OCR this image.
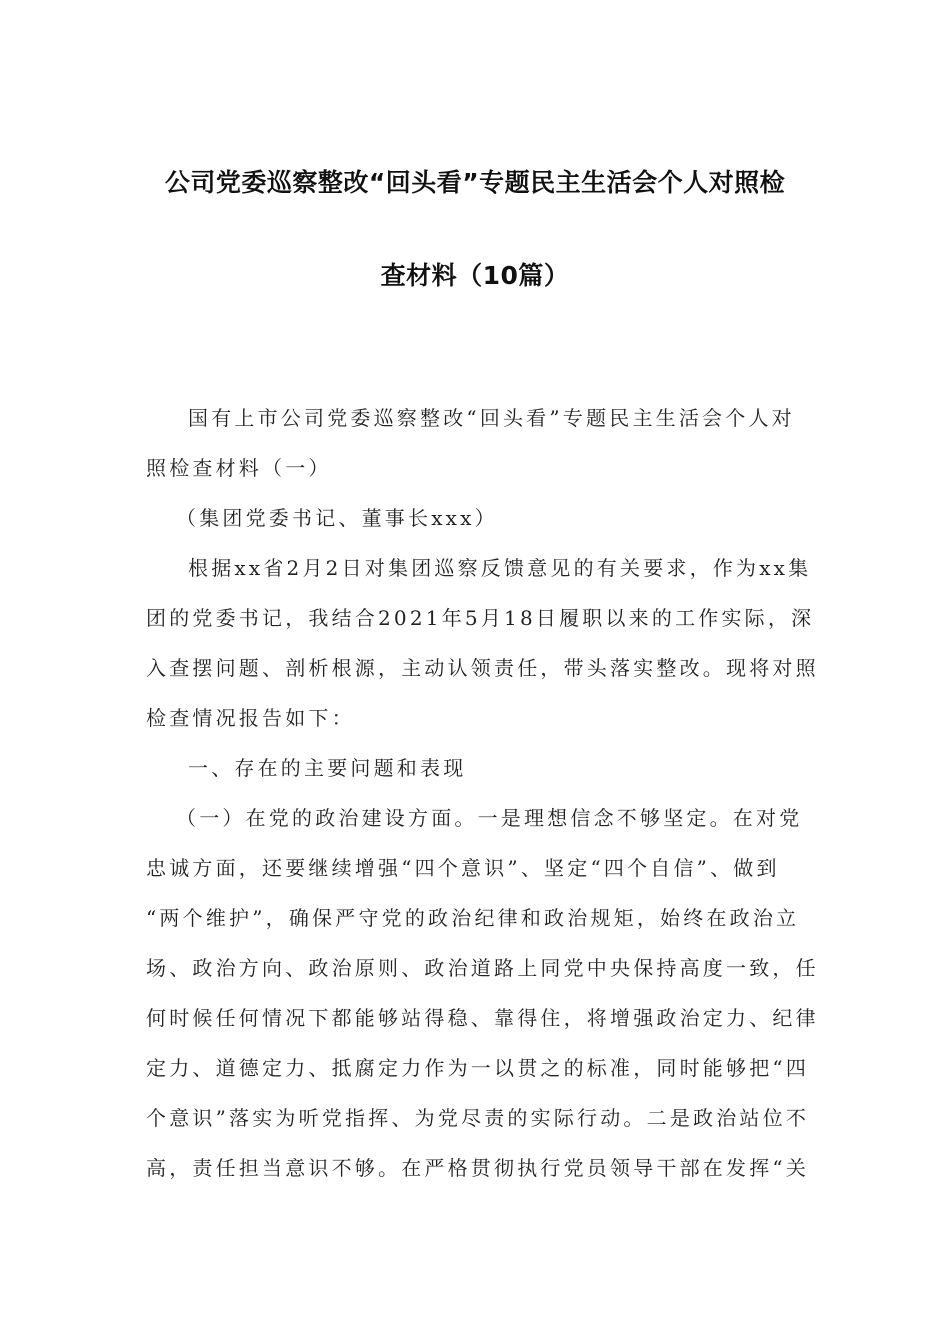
公司党委巡察整改“回头看”专题民主生活会个人对照检
查材料（10篇）
国有上市公司党委巡察整改“回头看”专题民主生活会个人对
照检查材料（一）
（集团党委书记、董事长xxx）
根据xx省2月2日对集团巡察反馈意见的有关要求，作为xx集
团的党委书记，我结合2021年5月18日履职以来的工作实际，深
入查摆问题、剖析根源，主动认领责任，带头落实整改。现将对照
检查情况报告如下：
一、存在的主要问题和表现
（一）在党的政治建设方面。一是理想信念不够坚定。在对党
忠诚方面，还要继续增强“四个意识”、坚定“四个自信”、做到
“两个维护”，确保严守党的政治纪律和政治规矩，始终在政治立
场、政治方向、政治原则、政治道路上同党中央保持高度一致，任
何时候任何情况下都能够站得稳、靠得住，将增强政治定力、纪律
定力、道德定力、抵腐定力作为一以贯之的标准，同时能够把“四
个意识”落实为听党指挥、为党尽责的实际行动。二是政治站位不
高，责任担当意识不够。在严格贯彻执行党员领导干部在发挥“关
